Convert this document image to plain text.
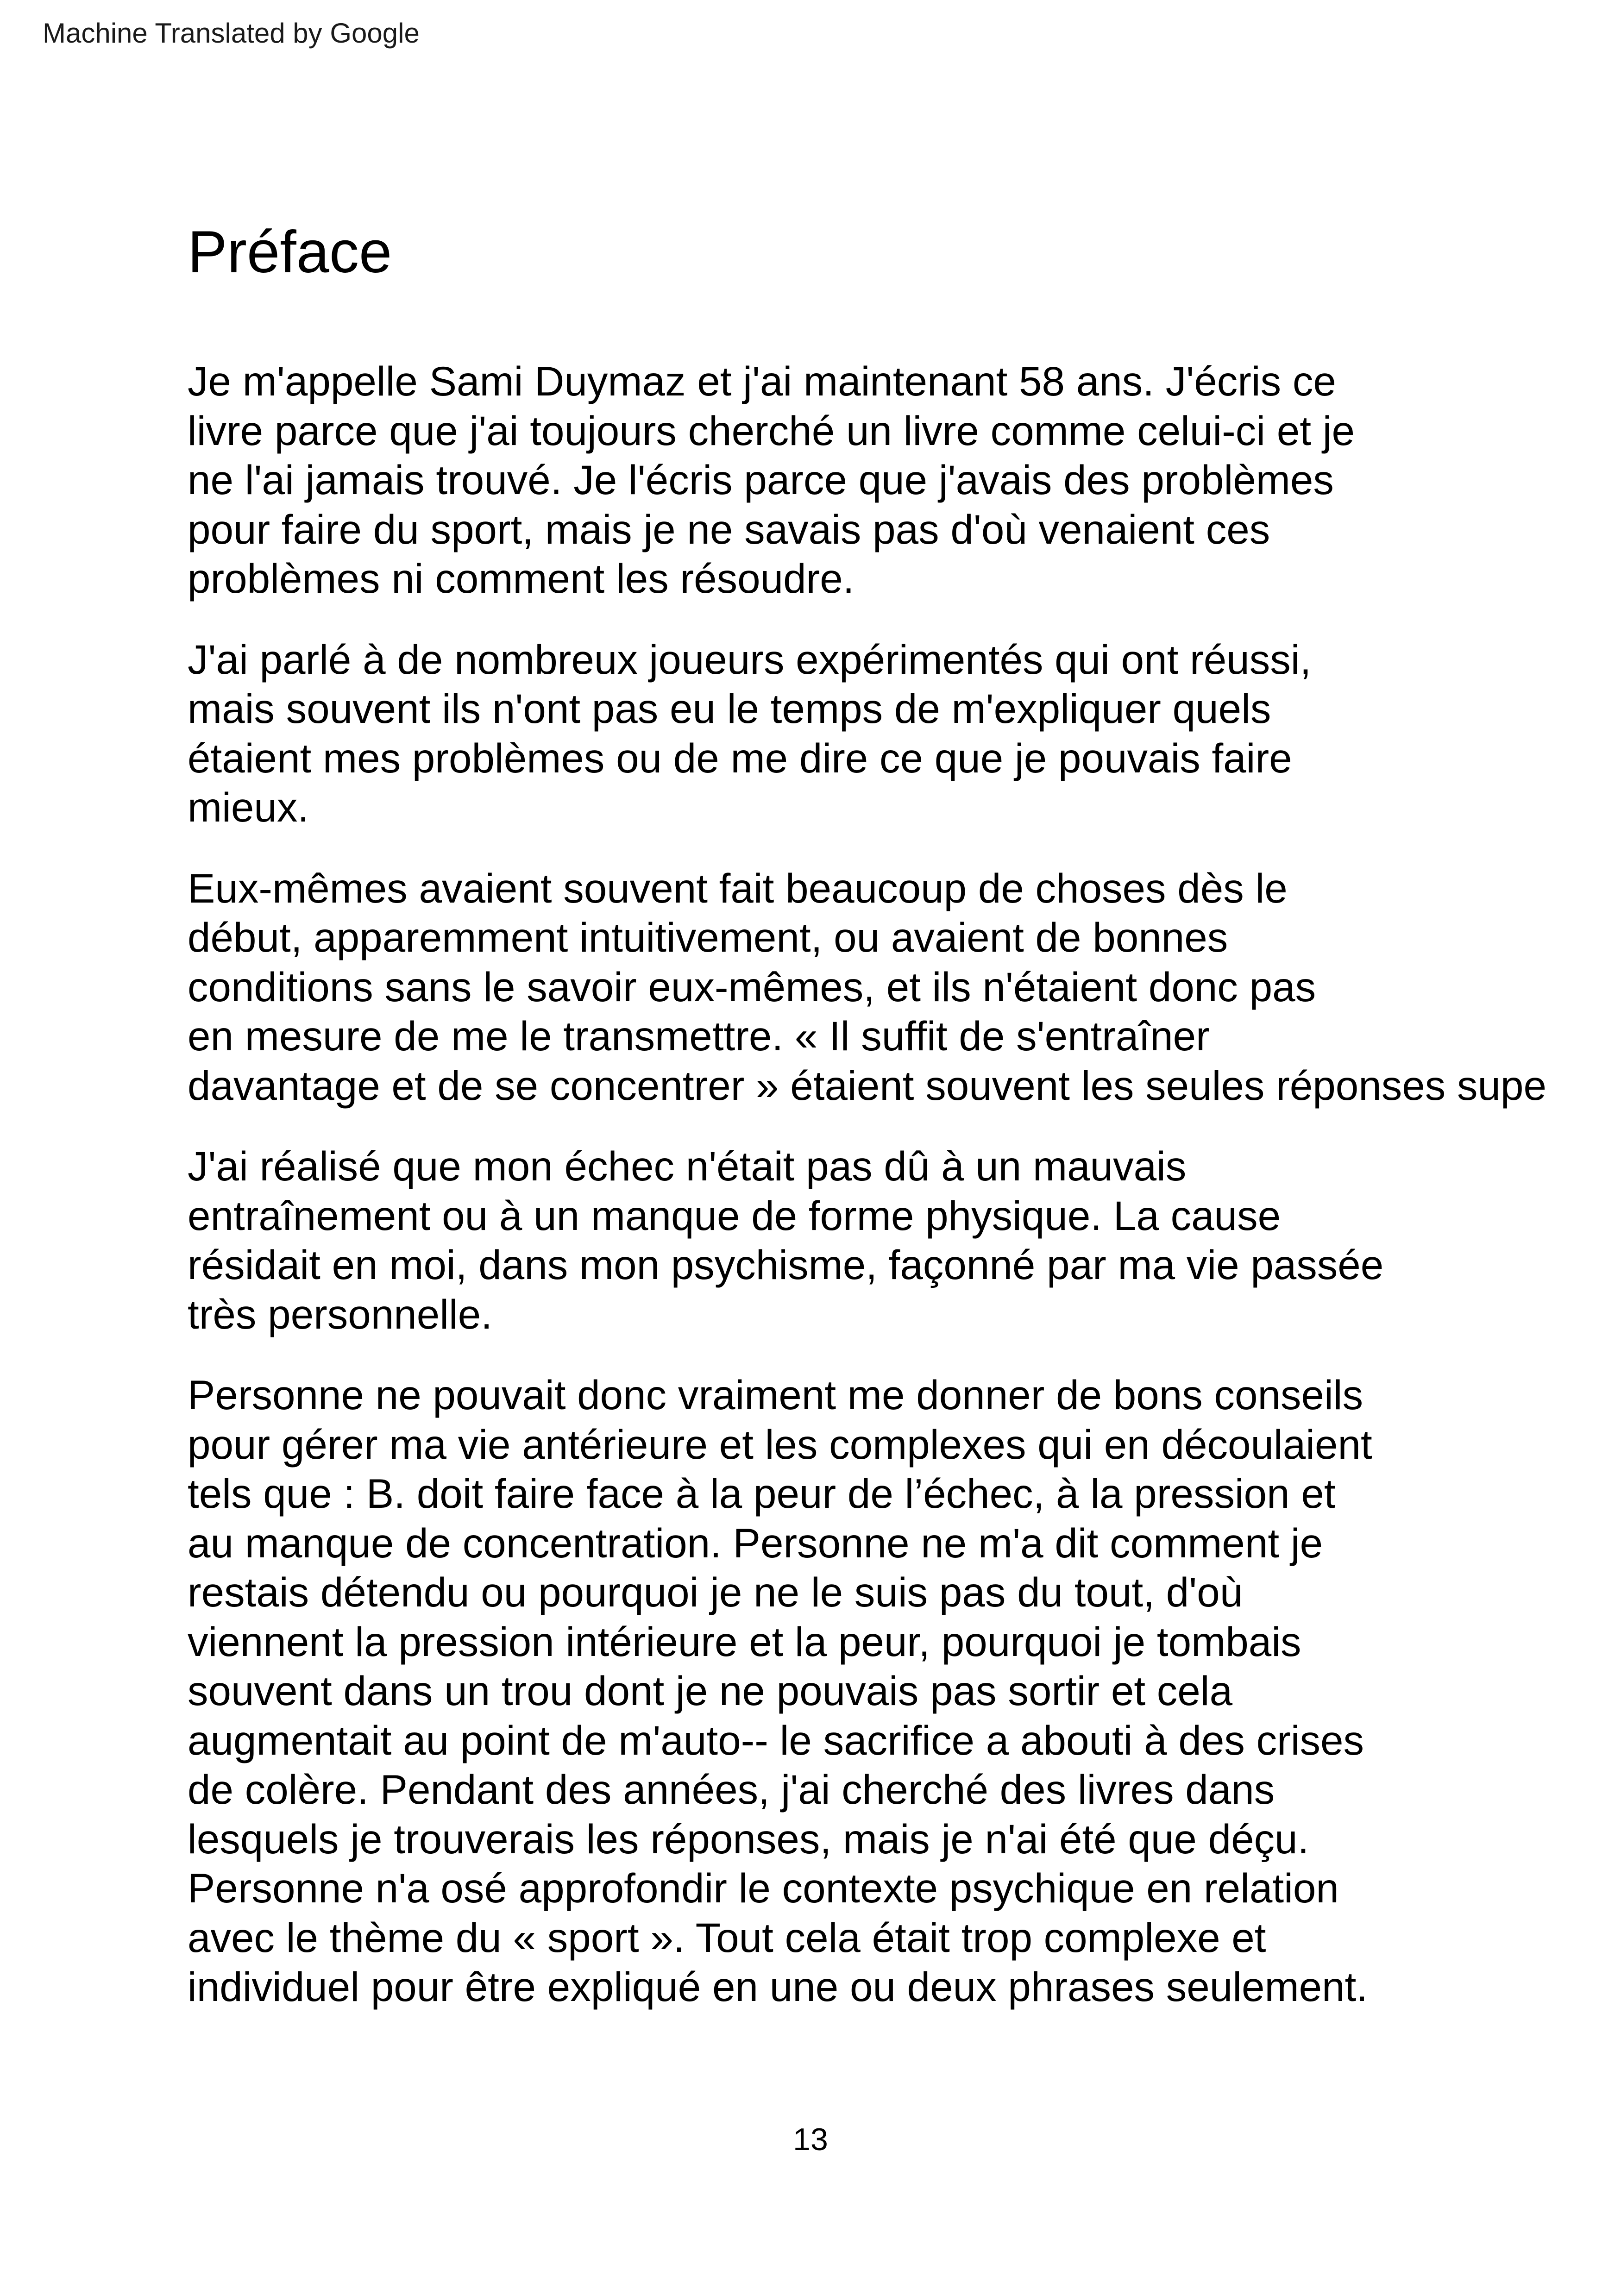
Machine Translated by Google
Préface

Je m'appelle Sami Duymaz et j'ai maintenant 58 ans. J'écris ce
livre parce que j'ai toujours cherché un livre comme celui-ci et je
ne l'ai jamais trouvé. Je l'écris parce que j'avais des problèmes
pour faire du sport, mais je ne savais pas d'où venaient ces
problèmes ni comment les résoudre.

J'ai parlé à de nombreux joueurs expérimentés qui ont réussi,
mais souvent ils n'ont pas eu le temps de m'expliquer quels
étaient mes problèmes ou de me dire ce que je pouvais faire
mieux.

Eux-mêmes avaient souvent fait beaucoup de choses dès le
début, apparemment intuitivement, ou avaient de bonnes
conditions sans le savoir eux-mêmes, et ils n'étaient donc pas
en mesure de me le transmettre. « Il suffit de s'entraîner
davantage et de se concentrer » étaient souvent les seules réponses supe

J'ai réalisé que mon échec n'était pas dû à un mauvais
entraînement ou à un manque de forme physique. La cause
résidait en moi, dans mon psychisme, façonné par ma vie passée
très personnelle.

Personne ne pouvait donc vraiment me donner de bons conseils
pour gérer ma vie antérieure et les complexes qui en découlaient
tels que : B. doit faire face à la peur de l’échec, à la pression et
au manque de concentration. Personne ne m'a dit comment je
restais détendu ou pourquoi je ne le suis pas du tout, d'où
viennent la pression intérieure et la peur, pourquoi je tombais
souvent dans un trou dont je ne pouvais pas sortir et cela
augmentait au point de m'auto-- le sacrifice a abouti à des crises
de colère. Pendant des années, j'ai cherché des livres dans
lesquels je trouverais les réponses, mais je n'ai été que déçu.
Personne n'a osé approfondir le contexte psychique en relation
avec le thème du « sport ». Tout cela était trop complexe et
individuel pour être expliqué en une ou deux phrases seulement.

13
